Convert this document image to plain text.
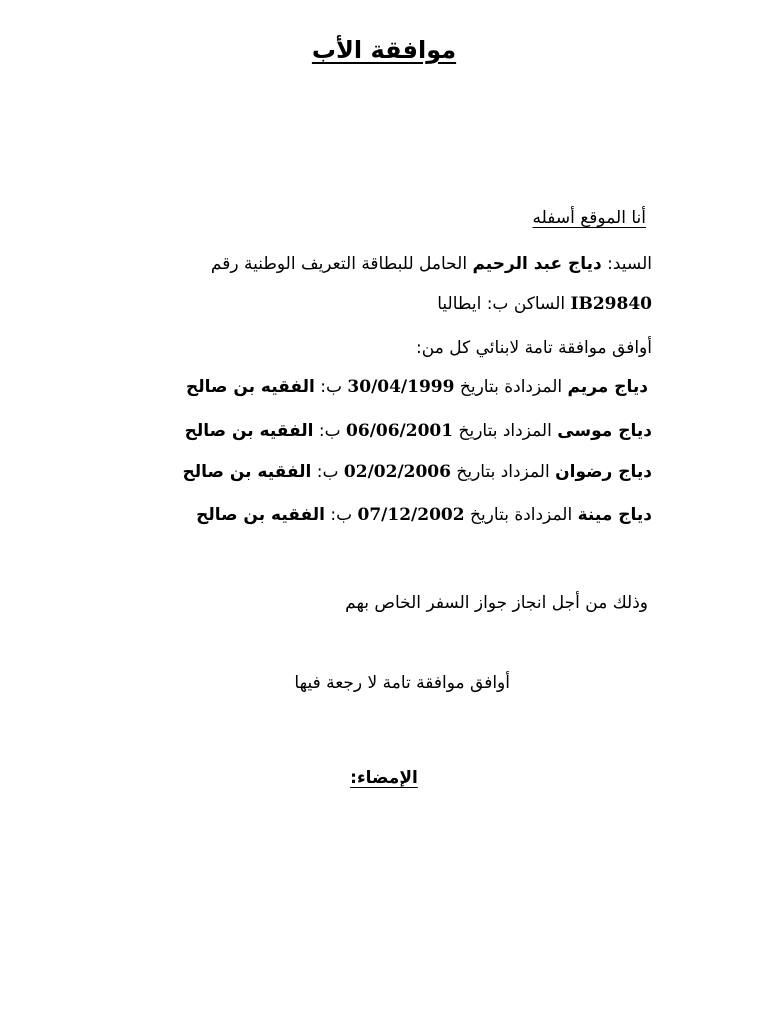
موافقة الأب
أنا الموقع أسفله
السيد: دياج عبد الرحيم الحامل للبطاقة التعريف الوطنية رقم
IB29840 الساكن ب: ايطاليا
أوافق موافقة تامة لابنائي كل من:
دياج مريم المزدادة بتاريخ 30/04/1999 ب: الفقيه بن صالح
دياج موسى المزداد بتاريخ 06/06/2001 ب: الفقيه بن صالح
دياج رضوان المزداد بتاريخ 02/02/2006 ب: الفقيه بن صالح
دياج مينة المزدادة بتاريخ 07/12/2002 ب: الفقيه بن صالح
وذلك من أجل انجاز جواز السفر الخاص بهم
أوافق موافقة تامة لا رجعة فيها
الإمضاء:
